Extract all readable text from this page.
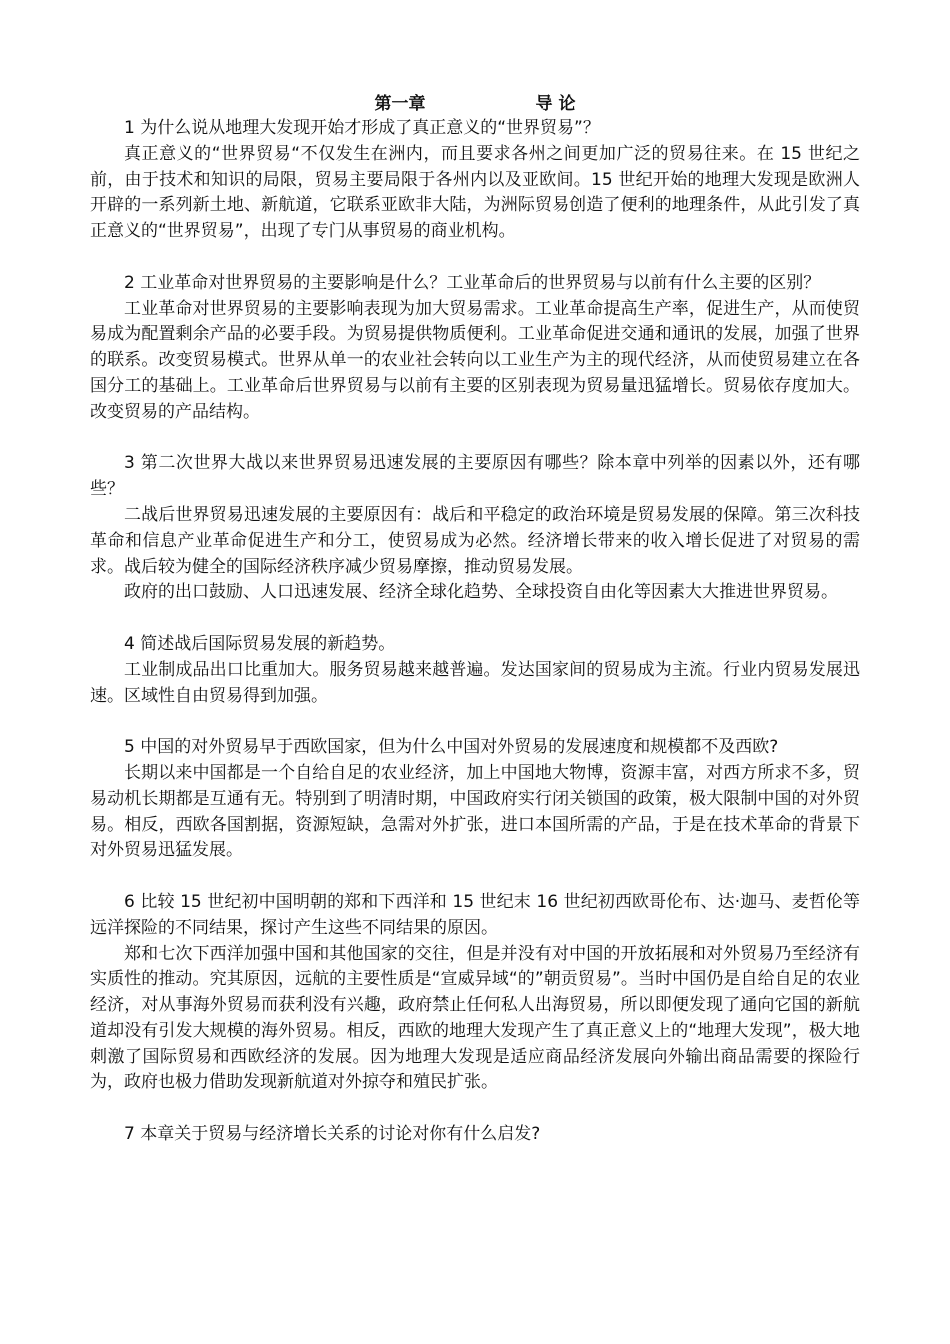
第一章	导 论

1 为什么说从地理大发现开始才形成了真正意义的“世界贸易”？

真正意义的“世界贸易“不仅发生在洲内，而且要求各州之间更加广泛的贸易往来。在 15 世纪之前，由于技术和知识的局限，贸易主要局限于各州内以及亚欧间。15 世纪开始的地理大发现是欧洲人开辟的一系列新土地、新航道，它联系亚欧非大陆，为洲际贸易创造了便利的地理条件，从此引发了真正意义的“世界贸易”，出现了专门从事贸易的商业机构。

2 工业革命对世界贸易的主要影响是什么？工业革命后的世界贸易与以前有什么主要的区别？

工业革命对世界贸易的主要影响表现为加大贸易需求。工业革命提高生产率，促进生产，从而使贸易成为配置剩余产品的必要手段。为贸易提供物质便利。工业革命促进交通和通讯的发展，加强了世界的联系。改变贸易模式。世界从单一的农业社会转向以工业生产为主的现代经济，从而使贸易建立在各国分工的基础上。工业革命后世界贸易与以前有主要的区别表现为贸易量迅猛增长。贸易依存度加大。改变贸易的产品结构。

3 第二次世界大战以来世界贸易迅速发展的主要原因有哪些？除本章中列举的因素以外，还有哪些？

二战后世界贸易迅速发展的主要原因有：战后和平稳定的政治环境是贸易发展的保障。第三次科技革命和信息产业革命促进生产和分工，使贸易成为必然。经济增长带来的收入增长促进了对贸易的需求。战后较为健全的国际经济秩序减少贸易摩擦，推动贸易发展。

政府的出口鼓励、人口迅速发展、经济全球化趋势、全球投资自由化等因素大大推进世界贸易。

4 简述战后国际贸易发展的新趋势。

工业制成品出口比重加大。服务贸易越来越普遍。发达国家间的贸易成为主流。行业内贸易发展迅速。区域性自由贸易得到加强。

5 中国的对外贸易早于西欧国家，但为什么中国对外贸易的发展速度和规模都不及西欧?

长期以来中国都是一个自给自足的农业经济，加上中国地大物博，资源丰富，对西方所求不多，贸易动机长期都是互通有无。特别到了明清时期，中国政府实行闭关锁国的政策，极大限制中国的对外贸易。相反，西欧各国割据，资源短缺，急需对外扩张，进口本国所需的产品，于是在技术革命的背景下对外贸易迅猛发展。

6 比较 15 世纪初中国明朝的郑和下西洋和 15 世纪末 16 世纪初西欧哥伦布、达·迦马、麦哲伦等远洋探险的不同结果，探讨产生这些不同结果的原因。

郑和七次下西洋加强中国和其他国家的交往，但是并没有对中国的开放拓展和对外贸易乃至经济有实质性的推动。究其原因，远航的主要性质是“宣威异域“的”朝贡贸易”。当时中国仍是自给自足的农业经济，对从事海外贸易而获利没有兴趣，政府禁止任何私人出海贸易，所以即便发现了通向它国的新航道却没有引发大规模的海外贸易。相反，西欧的地理大发现产生了真正意义上的“地理大发现”，极大地刺激了国际贸易和西欧经济的发展。因为地理大发现是适应商品经济发展向外输出商品需要的探险行为，政府也极力借助发现新航道对外掠夺和殖民扩张。

7 本章关于贸易与经济增长关系的讨论对你有什么启发?
